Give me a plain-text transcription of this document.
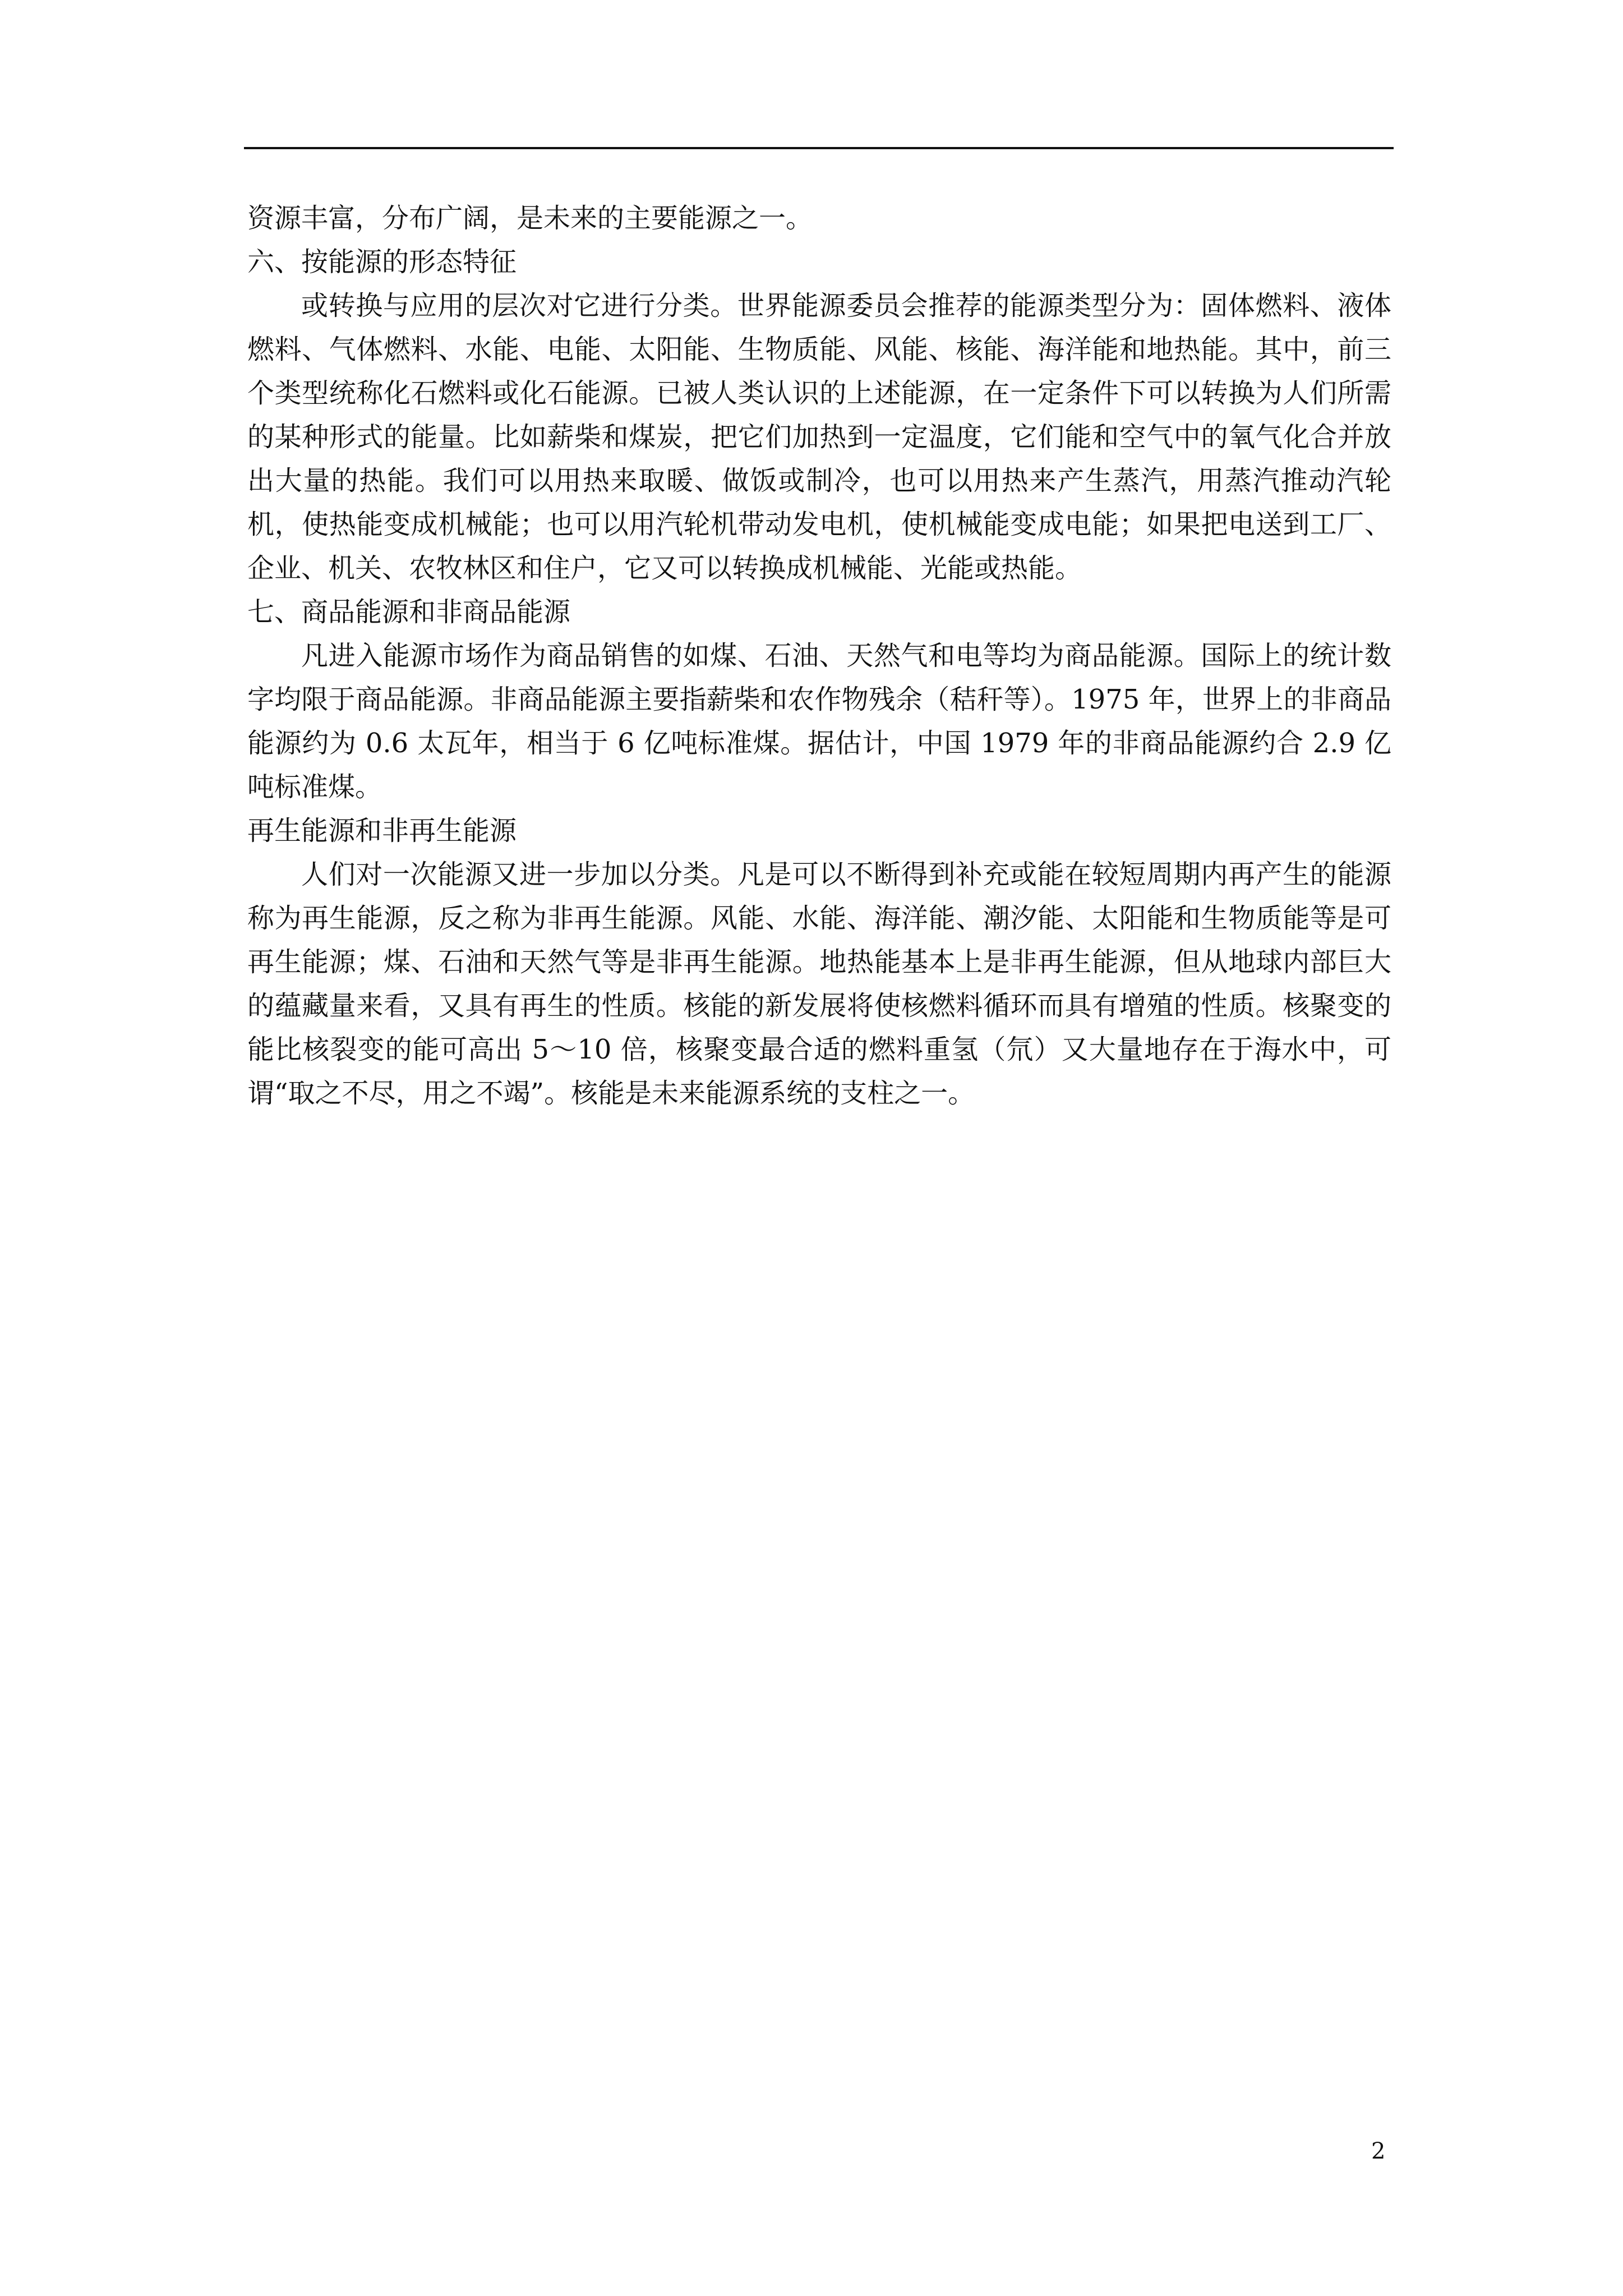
资源丰富，分布广阔，是未来的主要能源之一。

六、按能源的形态特征

或转换与应用的层次对它进行分类。世界能源委员会推荐的能源类型分为：固体燃料、液体燃料、气体燃料、水能、电能、太阳能、生物质能、风能、核能、海洋能和地热能。其中，前三个类型统称化石燃料或化石能源。已被人类认识的上述能源，在一定条件下可以转换为人们所需的某种形式的能量。比如薪柴和煤炭，把它们加热到一定温度，它们能和空气中的氧气化合并放出大量的热能。我们可以用热来取暖、做饭或制冷，也可以用热来产生蒸汽，用蒸汽推动汽轮机，使热能变成机械能；也可以用汽轮机带动发电机，使机械能变成电能；如果把电送到工厂、企业、机关、农牧林区和住户，它又可以转换成机械能、光能或热能。

七、商品能源和非商品能源

凡进入能源市场作为商品销售的如煤、石油、天然气和电等均为商品能源。国际上的统计数字均限于商品能源。非商品能源主要指薪柴和农作物残余（秸秆等）。1975 年，世界上的非商品能源约为 0.6 太瓦年，相当于 6 亿吨标准煤。据估计，中国 1979 年的非商品能源约合 2.9 亿吨标准煤。

再生能源和非再生能源

人们对一次能源又进一步加以分类。凡是可以不断得到补充或能在较短周期内再产生的能源称为再生能源，反之称为非再生能源。风能、水能、海洋能、潮汐能、太阳能和生物质能等是可再生能源；煤、石油和天然气等是非再生能源。地热能基本上是非再生能源，但从地球内部巨大的蕴藏量来看，又具有再生的性质。核能的新发展将使核燃料循环而具有增殖的性质。核聚变的能比核裂变的能可高出 5～10 倍，核聚变最合适的燃料重氢（氘）又大量地存在于海水中，可谓“取之不尽，用之不竭”。核能是未来能源系统的支柱之一。

2
